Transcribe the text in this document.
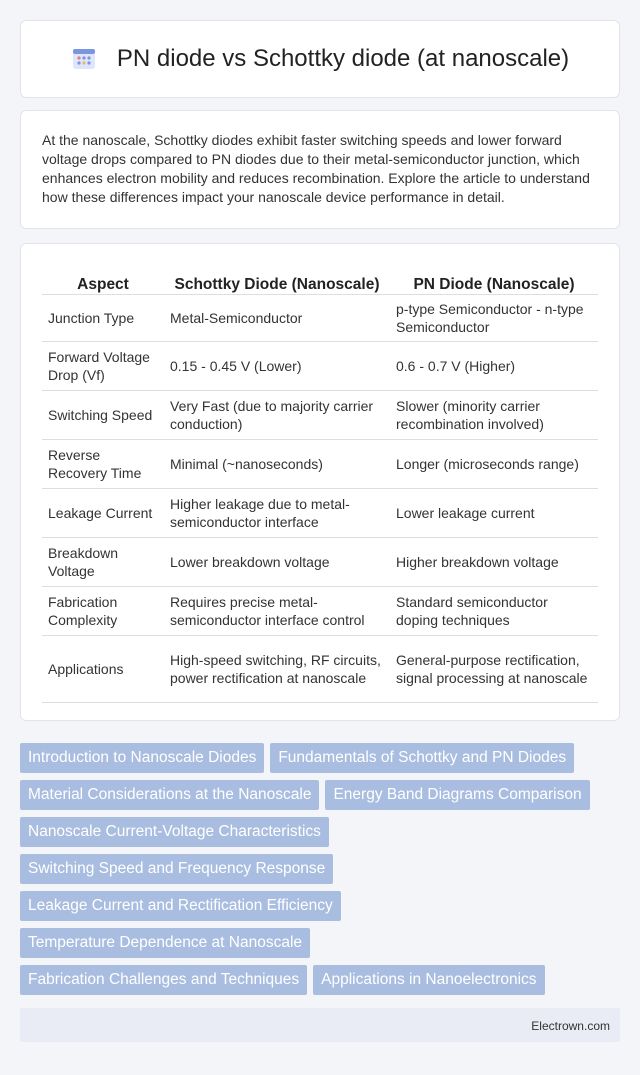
PN diode vs Schottky diode (at nanoscale)

At the nanoscale, Schottky diodes exhibit faster switching speeds and lower forward voltage drops compared to PN diodes due to their metal-semiconductor junction, which enhances electron mobility and reduces recombination. Explore the article to understand how these differences impact your nanoscale device performance in detail.

Aspect	Schottky Diode (Nanoscale)	PN Diode (Nanoscale)
Junction Type	Metal-Semiconductor	p-type Semiconductor - n-type Semiconductor
Forward Voltage Drop (Vf)	0.15 - 0.45 V (Lower)	0.6 - 0.7 V (Higher)
Switching Speed	Very Fast (due to majority carrier conduction)	Slower (minority carrier recombination involved)
Reverse Recovery Time	Minimal (~nanoseconds)	Longer (microseconds range)
Leakage Current	Higher leakage due to metal-semiconductor interface	Lower leakage current
Breakdown Voltage	Lower breakdown voltage	Higher breakdown voltage
Fabrication Complexity	Requires precise metal-semiconductor interface control	Standard semiconductor doping techniques
Applications	High-speed switching, RF circuits, power rectification at nanoscale	General-purpose rectification, signal processing at nanoscale
Introduction to Nanoscale Diodes	Fundamentals of Schottky and PN Diodes
Material Considerations at the Nanoscale	Energy Band Diagrams Comparison
Nanoscale Current-Voltage Characteristics
Switching Speed and Frequency Response
Leakage Current and Rectification Efficiency
Temperature Dependence at Nanoscale
Fabrication Challenges and Techniques	Applications in Nanoelectronics
Electrown.com
